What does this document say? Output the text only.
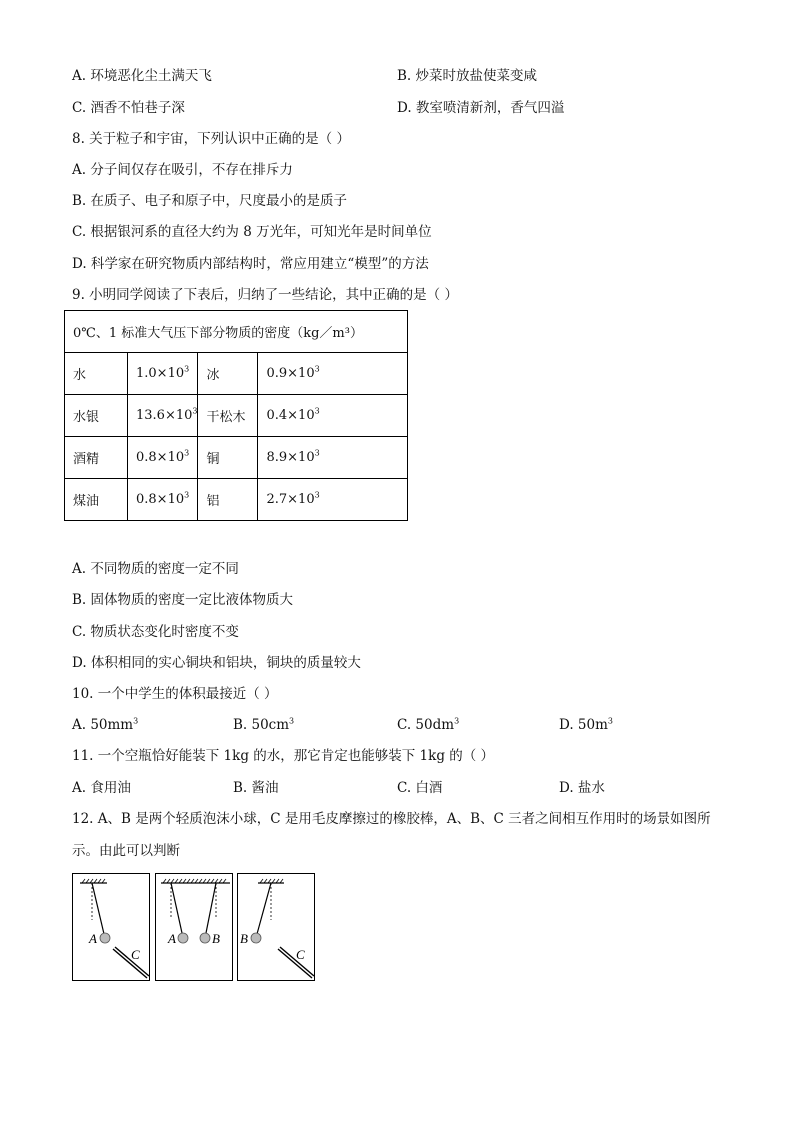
A. 环境恶化尘土满天飞	B. 炒菜时放盐使菜变咸
C. 酒香不怕巷子深	D. 教室喷清新剂，香气四溢
8. 关于粒子和宇宙，下列认识中正确的是（ ）
A. 分子间仅存在吸引，不存在排斥力
B. 在质子、电子和原子中，尺度最小的是质子
C. 根据银河系的直径大约为 8 万光年，可知光年是时间单位
D. 科学家在研究物质内部结构时，常应用建立“模型”的方法
9. 小明同学阅读了下表后，归纳了一些结论，其中正确的是（ ）
0℃、1 标准大气压下部分物质的密度（kg／m³）			
水	$1.0\times 10^3$	冰	$0.9\times 10^3$
水银	$13.6\times 10^3$	干松木	$0.4\times 10^3$
酒精	$0.8\times 10^3$	铜	$8.9\times 10^3$
煤油	$0.8\times 10^3$	铝	$2.7\times 10^3$
A. 不同物质的密度一定不同
B. 固体物质的密度一定比液体物质大
C. 物质状态变化时密度不变
D. 体积相同的实心铜块和铝块，铜块的质量较大
10. 一个中学生的体积最接近（ ）
A. $50mm^3$	B. $50cm^3$	C. $50dm^3$	D. $50m^3$
11. 一个空瓶恰好能装下 1kg 的水，那它肯定也能够装下 1kg 的（ ）
A. 食用油	B. 酱油	C. 白酒	D. 盐水
12. A、B 是两个轻质泡沫小球，C 是用毛皮摩擦过的橡胶棒，A、B、C 三者之间相互作用时的场景如图所
示。由此可以判断
A
C
A	B B
C
